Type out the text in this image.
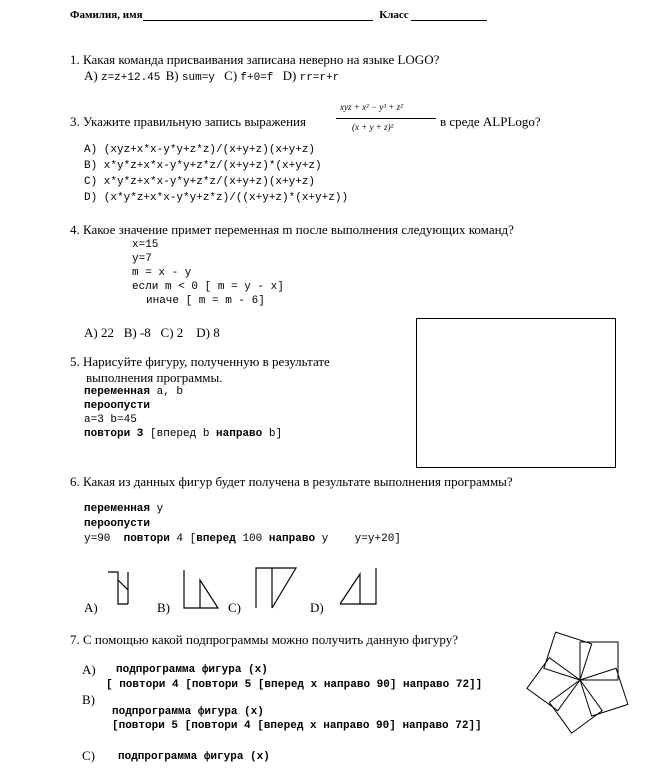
Фамилия, имя	Класс
1. Какая команда присваивания записана неверно на языке LOGO?
A) z=z+12.45 B) sum=y C) f+0=f D) rr=r+r
3. Укажите правильную запись выражения
xyz + x² − y³ + z²
(x + y + z)²	в среде ALPLogo?
A) (xyz+x*x-y*y+z*z)/(x+y+z)(x+y+z)
B) x*y*z+x*x-y*y+z*z/(x+y+z)*(x+y+z)
C) x*y*z+x*x-y*y+z*z/(x+y+z)(x+y+z)
D) (x*y*z+x*x-y*y+z*z)/((x+y+z)*(x+y+z))
4. Какое значение примет переменная m после выполнения следующих команд?
x=15
y=7
m = x - y
если m < 0 [ m = y - x]
иначе [ m = m - 6]
A) 22   B) -8   C) 2    D) 8
5. Нарисуйте фигуру, полученную в результате
выполнения программы.
переменная a, b
пероопусти
a=3 b=45
повтори 3 [вперед b направо b]
6. Какая из данных фигур будет получена в результате выполнения программы?
переменная y
пероопусти
y=90  повтори 4 [вперед 100 направо y    y=y+20]
A)	B)	C)	D)
7. С помощью какой подпрограммы можно получить данную фигуру?
A) подпрограмма фигура (x)
[ повтори 4 [повтори 5 [вперед x направо 90] направо 72]]
B)
подпрограмма фигура (x)
[повтори 5 [повтори 4 [вперед x направо 90] направо 72]]
C) подпрограмма фигура (x)
